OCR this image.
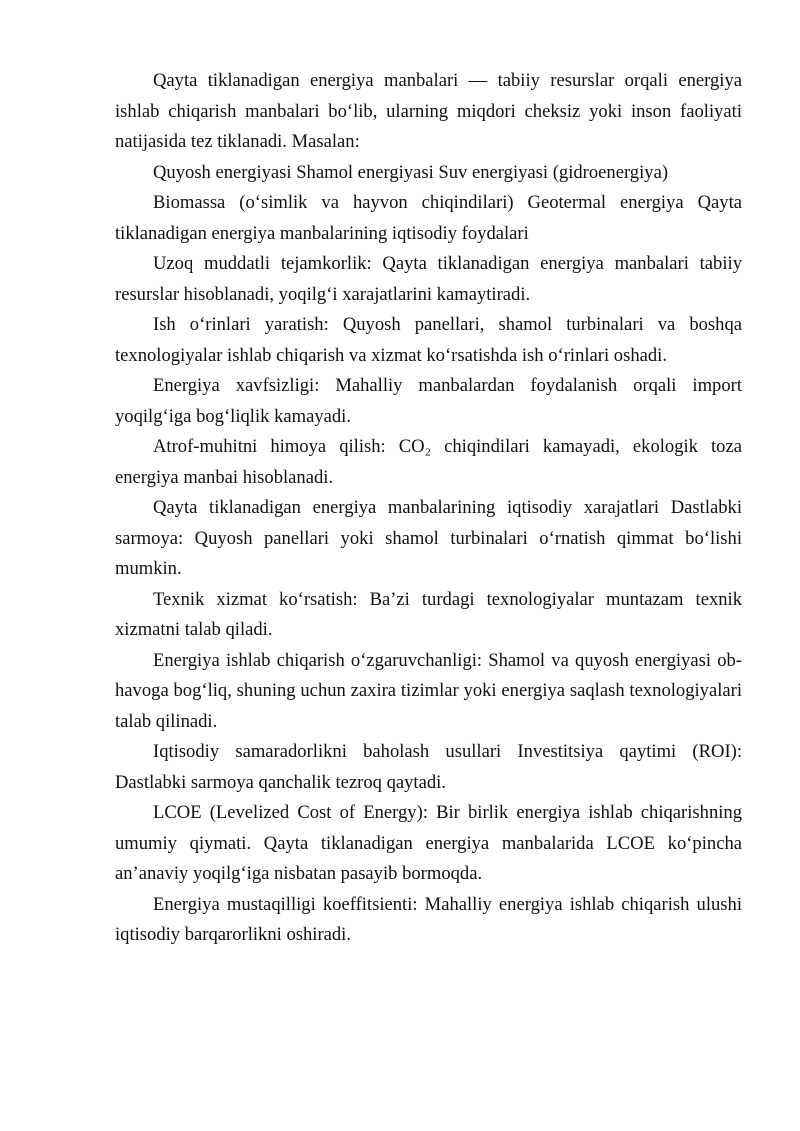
Qayta tiklanadigan energiya manbalari — tabiiy resurslar orqali energiya ishlab chiqarish manbalari bo‘lib, ularning miqdori cheksiz yoki inson faoliyati natijasida tez tiklanadi. Masalan:

Quyosh energiyasi Shamol energiyasi Suv energiyasi (gidroenergiya)

Biomassa (o‘simlik va hayvon chiqindilari) Geotermal energiya Qayta tiklanadigan energiya manbalarining iqtisodiy foydalari

Uzoq muddatli tejamkorlik: Qayta tiklanadigan energiya manbalari tabiiy resurslar hisoblanadi, yoqilg‘i xarajatlarini kamaytiradi.

Ish o‘rinlari yaratish: Quyosh panellari, shamol turbinalari va boshqa texnologiyalar ishlab chiqarish va xizmat ko‘rsatishda ish o‘rinlari oshadi.

Energiya xavfsizligi: Mahalliy manbalardan foydalanish orqali import yoqilg‘iga bog‘liqlik kamayadi.

Atrof-muhitni himoya qilish: CO₂ chiqindilari kamayadi, ekologik toza energiya manbai hisoblanadi.

Qayta tiklanadigan energiya manbalarining iqtisodiy xarajatlari Dastlabki sarmoya: Quyosh panellari yoki shamol turbinalari o‘rnatish qimmat bo‘lishi mumkin.

Texnik xizmat ko‘rsatish: Ba’zi turdagi texnologiyalar muntazam texnik xizmatni talab qiladi.

Energiya ishlab chiqarish o‘zgaruvchanligi: Shamol va quyosh energiyasi ob-havoga bog‘liq, shuning uchun zaxira tizimlar yoki energiya saqlash texnologiyalari talab qilinadi.

Iqtisodiy samaradorlikni baholash usullari Investitsiya qaytimi (ROI): Dastlabki sarmoya qanchalik tezroq qaytadi.

LCOE (Levelized Cost of Energy): Bir birlik energiya ishlab chiqarishning umumiy qiymati. Qayta tiklanadigan energiya manbalarida LCOE ko‘pincha an’anaviy yoqilg‘iga nisbatan pasayib bormoqda.

Energiya mustaqilligi koeffitsienti: Mahalliy energiya ishlab chiqarish ulushi iqtisodiy barqarorlikni oshiradi.
